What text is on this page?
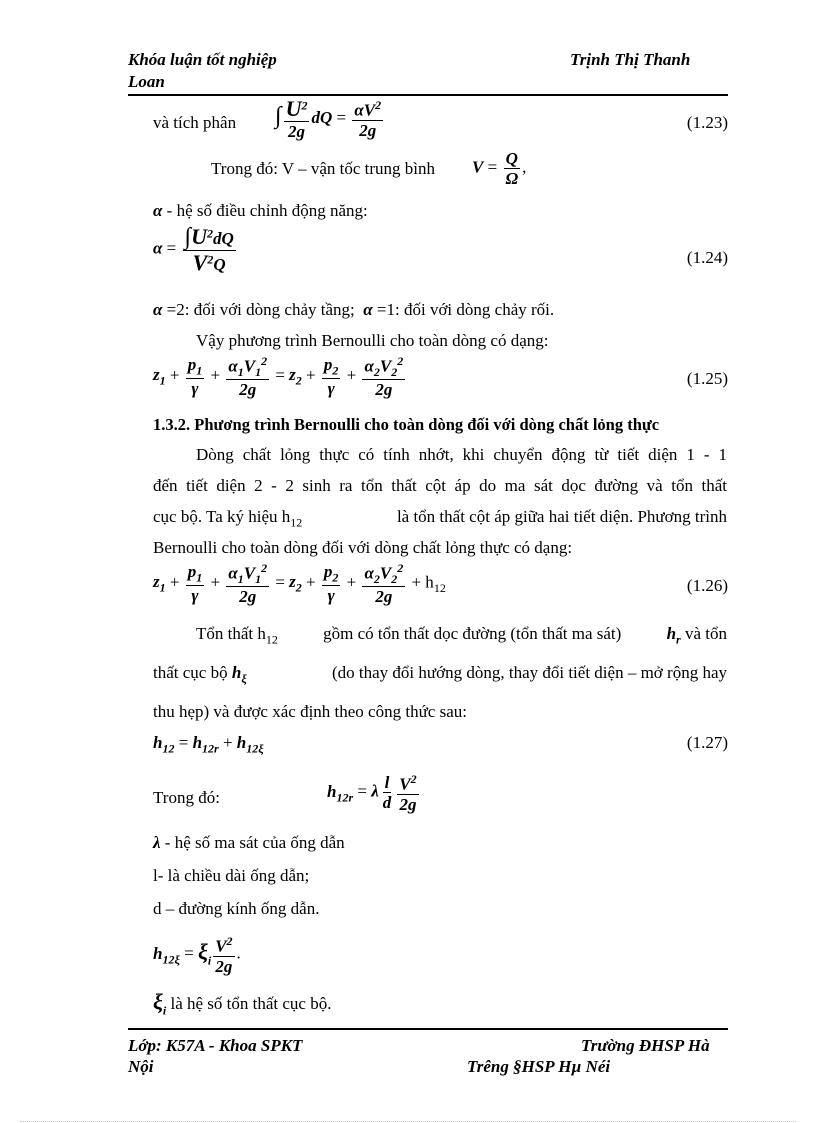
Khóa luận tốt nghiệp
Loan
Trịnh Thị Thanh
và tích phân ∫ $\frac{U^2}{2g}$ dQ = $\frac{\alpha V^2}{2g}$	(1.23)
Trong đó: V – vận tốc trung bình $V = \frac{Q}{\Omega}$ ,
α - hệ số điều chỉnh động năng:
$\alpha = \frac{\int U^2dQ}{V^2Q}$	(1.24)
α =2: đối với dòng chảy tầng; α =1: đối với dòng chảy rối.
Vậy phương trình Bernoulli cho toàn dòng có dạng:
$z_1 + \frac{p_1}{\gamma} + \frac{\alpha_1V_1^2}{2g} = z_2 + \frac{p_2}{\gamma} + \frac{\alpha_2V_2^2}{2g}$	(1.25)
1.3.2. Phương trình Bernoulli cho toàn dòng đối với dòng chất lỏng thực
Dòng chất lỏng thực có tính nhớt, khi chuyển động từ tiết diện 1 - 1
đến tiết diện 2 - 2 sinh ra tổn thất cột áp do ma sát dọc đường và tổn thất
cục bộ. Ta ký hiệu $h_{12}$	là tổn thất cột áp giữa hai tiết diện. Phương trình
Bernoulli cho toàn dòng đối với dòng chất lỏng thực có dạng:
$z_1 + \frac{p_1}{\gamma} + \frac{\alpha_1V_1^2}{2g} = z_2 + \frac{p_2}{\gamma} + \frac{\alpha_2V_2^2}{2g} + h_{12}$	(1.26)
Tổn thất $h_{12}$	gồm có tổn thất dọc đường (tổn thất ma sát)	$h_r$ và tổn
thất cục bộ $h_\xi$	(do thay đổi hướng dòng, thay đổi tiết diện – mở rộng hay
thu hẹp) và được xác định theo công thức sau:
$h_{12} = h_{12r} + h_{12\xi}$	(1.27)
Trong đó:	$h_{12r} = \lambda \frac{l}{d} \frac{V^2}{2g}$
λ - hệ số ma sát của ống dẫn
l- là chiều dài ống dẫn;
d – đường kính ống dẫn.
$h_{12\xi} = \xi_i \frac{V^2}{2g}$ .
$\xi_i$ là hệ số tổn thất cục bộ.
Lớp: K57A - Khoa SPKT
Nội
Trường ĐHSP Hà
Trêng §HSP Hµ Néi
